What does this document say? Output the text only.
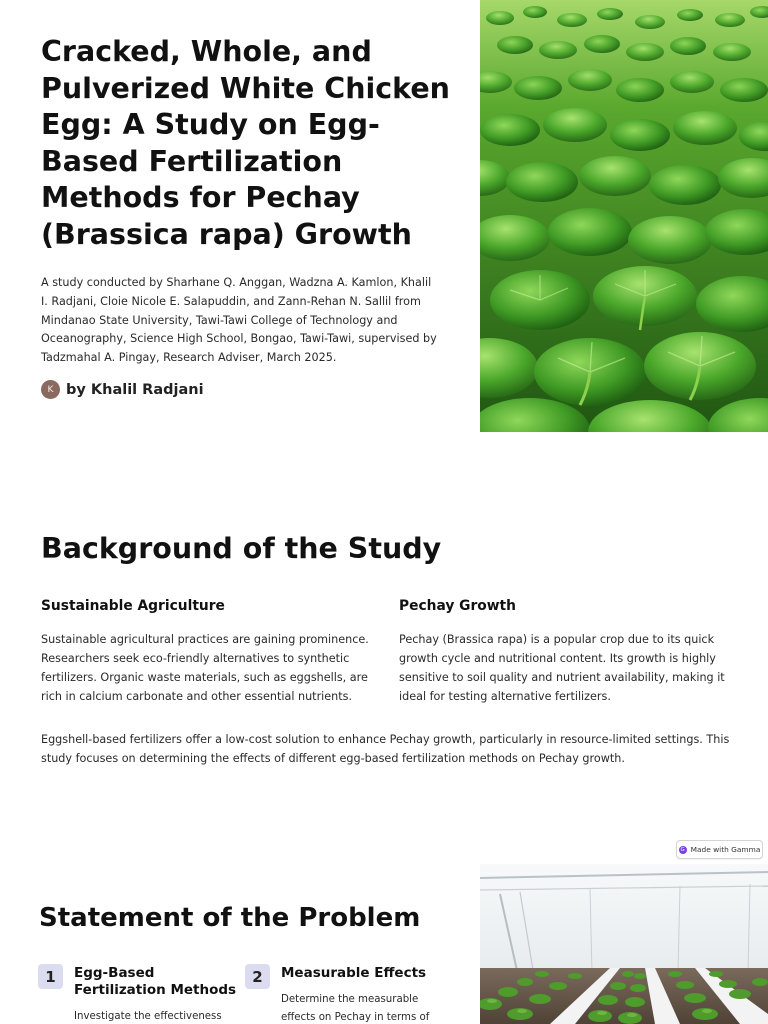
Cracked, Whole, and Pulverized White Chicken Egg: A Study on Egg-Based Fertilization Methods for Pechay (Brassica rapa) Growth

A study conducted by Sharhane Q. Anggan, Wadzna A. Kamlon, Khalil I. Radjani, Cloie Nicole E. Salapuddin, and Zann-Rehan N. Sallil from Mindanao State University, Tawi-Tawi College of Technology and Oceanography, Science High School, Bongao, Tawi-Tawi, supervised by Tadzmahal A. Pingay, Research Adviser, March 2025.

K by Khalil Radjani
Background of the Study
Sustainable Agriculture

Sustainable agricultural practices are gaining prominence. Researchers seek eco-friendly alternatives to synthetic fertilizers. Organic waste materials, such as eggshells, are rich in calcium carbonate and other essential nutrients.

Pechay Growth

Pechay (Brassica rapa) is a popular crop due to its quick growth cycle and nutritional content. Its growth is highly sensitive to soil quality and nutrient availability, making it ideal for testing alternative fertilizers.

Eggshell-based fertilizers offer a low-cost solution to enhance Pechay growth, particularly in resource-limited settings. This study focuses on determining the effects of different egg-based fertilization methods on Pechay growth.

G Made with Gamma
Statement of the Problem
1	Egg-Based Fertilization Methods

Investigate the effectiveness

2	Measurable Effects

Determine the measurable effects on Pechay in terms of
